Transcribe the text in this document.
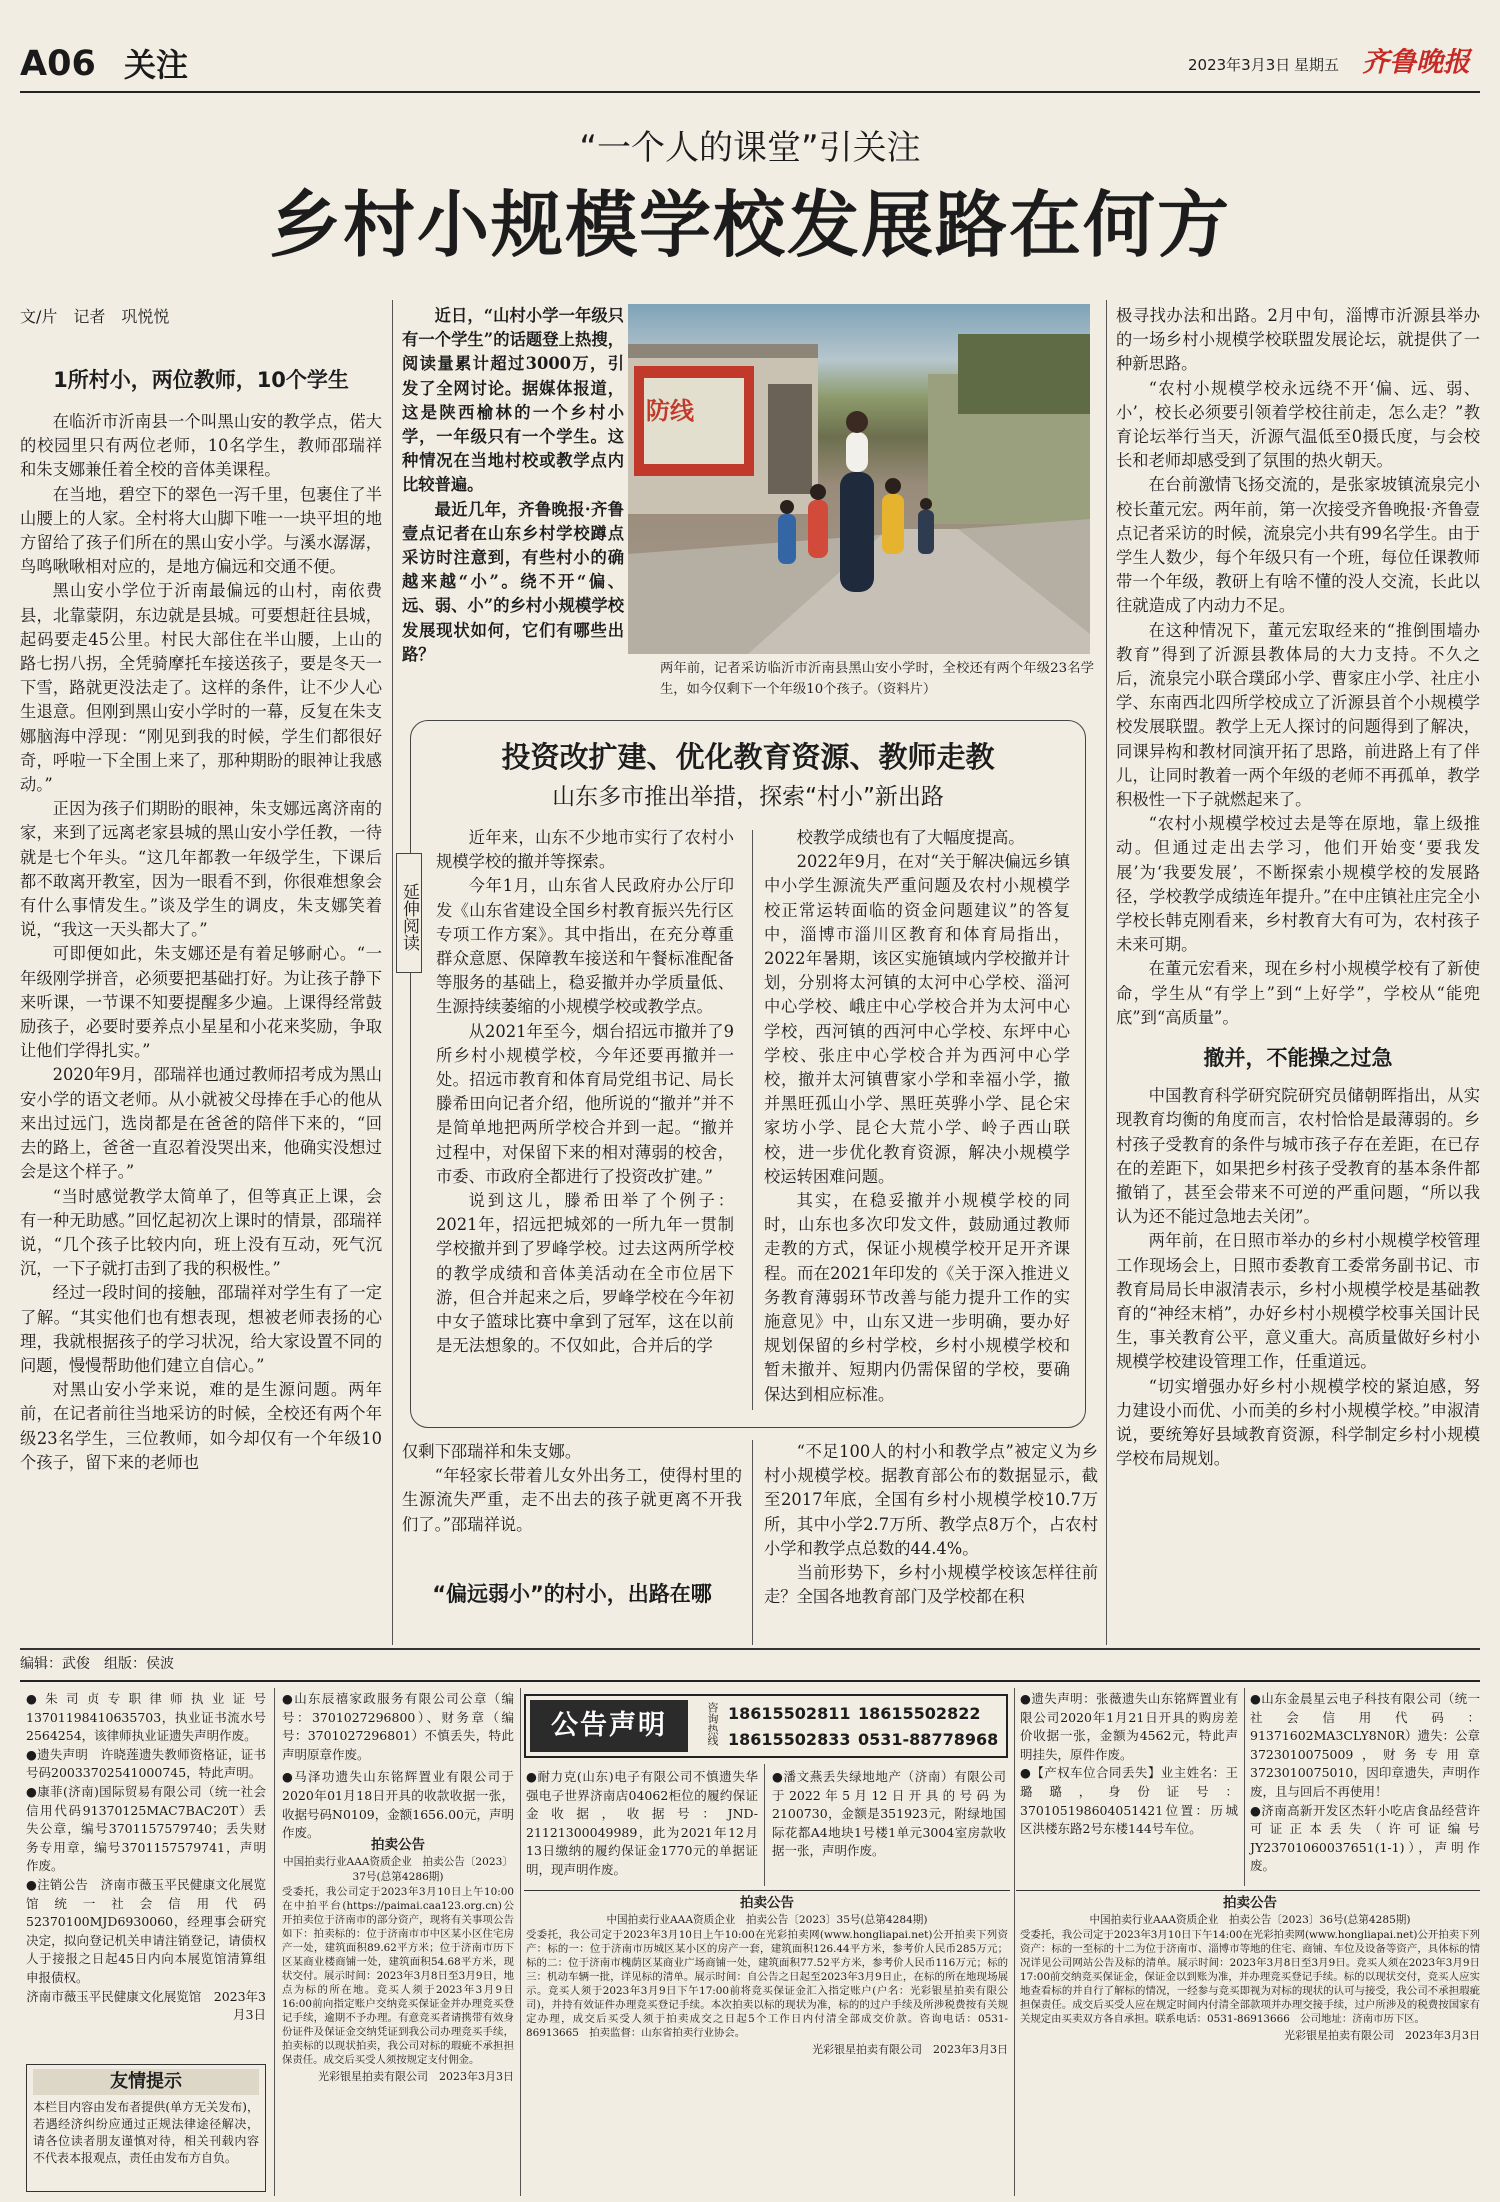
A06 关注	2023年3月3日 星期五 齐鲁晚报
“一个人的课堂”引关注
乡村小规模学校发展路在何方
文/片　记者　巩悦悦

1所村小，两位教师，10个学生

在临沂市沂南县一个叫黑山安的教学点，偌大的校园里只有两位老师，10名学生，教师邵瑞祥和朱支娜兼任着全校的音体美课程。

在当地，碧空下的翠色一泻千里，包裹住了半山腰上的人家。全村将大山脚下唯一一块平坦的地方留给了孩子们所在的黑山安小学。与溪水潺潺，鸟鸣啾啾相对应的，是地方偏远和交通不便。

黑山安小学位于沂南最偏远的山村，南依费县，北靠蒙阴，东边就是县城。可要想赶往县城，起码要走45公里。村民大部住在半山腰，上山的路七拐八拐，全凭骑摩托车接送孩子，要是冬天一下雪，路就更没法走了。这样的条件，让不少人心生退意。但刚到黑山安小学时的一幕，反复在朱支娜脑海中浮现：“刚见到我的时候，学生们都很好奇，呼啦一下全围上来了，那种期盼的眼神让我感动。”

正因为孩子们期盼的眼神，朱支娜远离济南的家，来到了远离老家县城的黑山安小学任教，一待就是七个年头。“这几年都教一年级学生，下课后都不敢离开教室，因为一眼看不到，你很难想象会有什么事情发生。”谈及学生的调皮，朱支娜笑着说，“我这一天头都大了。”

可即便如此，朱支娜还是有着足够耐心。“一年级刚学拼音，必须要把基础打好。为让孩子静下来听课，一节课不知要提醒多少遍。上课得经常鼓励孩子，必要时要养点小星星和小花来奖励，争取让他们学得扎实。”

2020年9月，邵瑞祥也通过教师招考成为黑山安小学的语文老师。从小就被父母捧在手心的他从来出过远门，选岗都是在爸爸的陪伴下来的，“回去的路上，爸爸一直忍着没哭出来，他确实没想过会是这个样子。”

“当时感觉教学太简单了，但等真正上课，会有一种无助感。”回忆起初次上课时的情景，邵瑞祥说，“几个孩子比较内向，班上没有互动，死气沉沉，一下子就打击到了我的积极性。”

经过一段时间的接触，邵瑞祥对学生有了一定了解。“其实他们也有想表现，想被老师表扬的心理，我就根据孩子的学习状况，给大家设置不同的问题，慢慢帮助他们建立自信心。”

对黑山安小学来说，难的是生源问题。两年前，在记者前往当地采访的时候，全校还有两个年级23名学生，三位教师，如今却仅有一个年级10个孩子，留下来的老师也

近日，“山村小学一年级只有一个学生”的话题登上热搜，阅读量累计超过3000万，引发了全网讨论。据媒体报道，这是陕西榆林的一个乡村小学，一年级只有一个学生。这种情况在当地村校或教学点内比较普遍。

最近几年，齐鲁晚报·齐鲁壹点记者在山东乡村学校蹲点采访时注意到，有些村小的确越来越“小”。绕不开“偏、远、弱、小”的乡村小规模学校发展现状如何，它们有哪些出路？

防线
两年前，记者采访临沂市沂南县黑山安小学时，全校还有两个年级23名学生，如今仅剩下一个年级10个孩子。（资料片）
延伸阅读
投资改扩建、优化教育资源、教师走教
山东多市推出举措，探索“村小”新出路

近年来，山东不少地市实行了农村小规模学校的撤并等探索。

今年1月，山东省人民政府办公厅印发《山东省建设全国乡村教育振兴先行区专项工作方案》。其中指出，在充分尊重群众意愿、保障教车接送和午餐标准配备等服务的基础上，稳妥撤并办学质量低、生源持续萎缩的小规模学校或教学点。

从2021年至今，烟台招远市撤并了9所乡村小规模学校，今年还要再撤并一处。招远市教育和体育局党组书记、局长滕希田向记者介绍，他所说的“撤并”并不是简单地把两所学校合并到一起。“撤并过程中，对保留下来的相对薄弱的校舍，市委、市政府全都进行了投资改扩建。”

说到这儿，滕希田举了个例子：2021年，招远把城郊的一所九年一贯制学校撤并到了罗峰学校。过去这两所学校的教学成绩和音体美活动在全市位居下游，但合并起来之后，罗峰学校在今年初中女子篮球比赛中拿到了冠军，这在以前是无法想象的。不仅如此，合并后的学

校教学成绩也有了大幅度提高。

2022年9月，在对“关于解决偏远乡镇中小学生源流失严重问题及农村小规模学校正常运转面临的资金问题建议”的答复中，淄博市淄川区教育和体育局指出，2022年暑期，该区实施镇域内学校撤并计划，分别将太河镇的太河中心学校、淄河中心学校、峨庄中心学校合并为太河中心学校，西河镇的西河中心学校、东坪中心学校、张庄中心学校合并为西河中心学校，撤并太河镇曹家小学和幸福小学，撤并黑旺孤山小学、黑旺英骅小学、昆仑宋家坊小学、昆仑大荒小学、岭子西山联校，进一步优化教育资源，解决小规模学校运转困难问题。

其实，在稳妥撤并小规模学校的同时，山东也多次印发文件，鼓励通过教师走教的方式，保证小规模学校开足开齐课程。而在2021年印发的《关于深入推进义务教育薄弱环节改善与能力提升工作的实施意见》中，山东又进一步明确，要办好规划保留的乡村学校，乡村小规模学校和暂未撤并、短期内仍需保留的学校，要确保达到相应标准。

仅剩下邵瑞祥和朱支娜。

“年轻家长带着儿女外出务工，使得村里的生源流失严重，走不出去的孩子就更离不开我们了。”邵瑞祥说。

“偏远弱小”的村小，出路在哪

“不足100人的村小和教学点”被定义为乡村小规模学校。据教育部公布的数据显示，截至2017年底，全国有乡村小规模学校10.7万所，其中小学2.7万所、教学点8万个，占农村小学和教学点总数的44.4%。

当前形势下，乡村小规模学校该怎样往前走？全国各地教育部门及学校都在积

极寻找办法和出路。2月中旬，淄博市沂源县举办的一场乡村小规模学校联盟发展论坛，就提供了一种新思路。

“农村小规模学校永远绕不开‘偏、远、弱、小’，校长必须要引领着学校往前走，怎么走？”教育论坛举行当天，沂源气温低至0摄氏度，与会校长和老师却感受到了氛围的热火朝天。

在台前激情飞扬交流的，是张家坡镇流泉完小校长董元宏。两年前，第一次接受齐鲁晚报·齐鲁壹点记者采访的时候，流泉完小共有99名学生。由于学生人数少，每个年级只有一个班，每位任课教师带一个年级，教研上有啥不懂的没人交流，长此以往就造成了内动力不足。

在这种情况下，董元宏取经来的“推倒围墙办教育”得到了沂源县教体局的大力支持。不久之后，流泉完小联合璞邱小学、曹家庄小学、社庄小学、东南西北四所学校成立了沂源县首个小规模学校发展联盟。教学上无人探讨的问题得到了解决，同课异构和教材同演开拓了思路，前进路上有了伴儿，让同时教着一两个年级的老师不再孤单，教学积极性一下子就燃起来了。

“农村小规模学校过去是等在原地，靠上级推动。但通过走出去学习，他们开始变‘要我发展’为‘我要发展’，不断探索小规模学校的发展路径，学校教学成绩连年提升。”在中庄镇社庄完全小学校长韩克刚看来，乡村教育大有可为，农村孩子未来可期。

在董元宏看来，现在乡村小规模学校有了新使命，学生从“有学上”到“上好学”，学校从“能兜底”到“高质量”。

撤并，不能操之过急

中国教育科学研究院研究员储朝晖指出，从实现教育均衡的角度而言，农村恰恰是最薄弱的。乡村孩子受教育的条件与城市孩子存在差距，在已存在的差距下，如果把乡村孩子受教育的基本条件都撤销了，甚至会带来不可逆的严重问题，“所以我认为还不能过急地去关闭”。

两年前，在日照市举办的乡村小规模学校管理工作现场会上，日照市委教育工委常务副书记、市教育局局长申淑清表示，乡村小规模学校是基础教育的“神经末梢”，办好乡村小规模学校事关国计民生，事关教育公平，意义重大。高质量做好乡村小规模学校建设管理工作，任重道远。

“切实增强办好乡村小规模学校的紧迫感，努力建设小而优、小而美的乡村小规模学校。”申淑清说，要统筹好县域教育资源，科学制定乡村小规模学校布局规划。

编辑：武俊　组版：侯波

●朱司贞专职律师执业证号13701198410635703，执业证书流水号2564254，该律师执业证遗失声明作废。

●遗失声明　许晓莲遗失教师资格证，证书号码20033702541000745，特此声明。

●康菲(济南)国际贸易有限公司（统一社会信用代码91370125MAC7BAC20T）丢失公章，编号3701157579740；丢失财务专用章，编号3701157579741，声明作废。

●注销公告　济南市薇玉平民健康文化展览馆统一社会信用代码52370100MJD6930060，经理事会研究决定，拟向登记机关申请注销登记，请债权人于接报之日起45日内向本展览馆清算组申报债权。

济南市薇玉平民健康文化展览馆　2023年3月3日

友情提示
本栏目内容由发布者提供(单方无关发布)，若遇经济纠纷应通过正规法律途径解决，请各位读者朋友谨慎对待，相关刊载内容不代表本报观点，责任由发布方自负。

●山东辰禧家政服务有限公司公章（编号：3701027296800）、财务章（编号：3701027296801）不慎丢失，特此声明原章作废。

●马泽功遗失山东铭辉置业有限公司于2020年01月18日开具的收款收据一张，收据号码N0109，金额1656.00元，声明作废。

拍卖公告
中国拍卖行业AAA资质企业　拍卖公告〔2023〕37号(总第4286期)
受委托，我公司定于2023年3月10日上午10:00在中拍平台(https://paimai.caa123.org.cn)公开拍卖位于济南市的部分资产，现将有关事项公告如下：拍卖标的：位于济南市市中区某小区住宅房产一处，建筑面积89.62平方米；位于济南市历下区某商业楼商铺一处，建筑面积54.68平方米，现状交付。展示时间：2023年3月8日至3月9日，地点为标的所在地。竞买人须于2023年3月9日16:00前向指定账户交纳竞买保证金并办理竞买登记手续，逾期不予办理。有意竞买者请携带有效身份证件及保证金交纳凭证到我公司办理竞买手续，拍卖标的以现状拍卖，我公司对标的瑕疵不承担担保责任。成交后买受人须按规定支付佣金。
光彩银星拍卖有限公司　2023年3月3日
公告声明	咨询热线 18615502811 18615502822
18615502833 0531-88778968

●耐力克(山东)电子有限公司不慎遗失华强电子世界济南店04062柜位的履约保证金收据，收据号：JND-21121300049989，此为2021年12月13日缴纳的履约保证金1770元的单据证明，现声明作废。

●潘文燕丢失绿地地产（济南）有限公司于2022年5月12日开具的号码为2100730，金额是351923元，附绿地国际花都A4地块1号楼1单元3004室房款收据一张，声明作废。

拍卖公告
中国拍卖行业AAA资质企业　拍卖公告〔2023〕35号(总第4284期)
受委托，我公司定于2023年3月10日上午10:00在光彩拍卖网(www.hongliapai.net)公开拍卖下列资产：标的一：位于济南市历城区某小区的房产一套，建筑面积126.44平方米，参考价人民币285万元；标的二：位于济南市槐荫区某商业广场商铺一处，建筑面积77.52平方米，参考价人民币116万元；标的三：机动车辆一批，详见标的清单。展示时间：自公告之日起至2023年3月9日止，在标的所在地现场展示。竞买人须于2023年3月9日下午17:00前将竞买保证金汇入指定账户(户名：光彩银星拍卖有限公司)，并持有效证件办理竞买登记手续。本次拍卖以标的现状为准，标的的过户手续及所涉税费按有关规定办理，成交后买受人须于拍卖成交之日起5个工作日内付清全部成交价款。咨询电话：0531-86913665　拍卖监督：山东省拍卖行业协会。
光彩银星拍卖有限公司　2023年3月3日

●遗失声明：张薇遗失山东铭辉置业有限公司2020年1月21日开具的购房差价收据一张，金额为4562元，特此声明挂失，原件作废。

●【产权车位合同丢失】业主姓名：王璐璐，身份证号：370105198604051421位置：历城区洪楼东路2号东楼144号车位。

●山东金晨星云电子科技有限公司（统一社会信用代码：91371602MA3CLY8N0R）遗失：公章3723010075009，财务专用章3723010075010，因印章遗失，声明作废，且与回后不再使用！

●济南高新开发区杰轩小吃店食品经营许可证正本丢失（许可证编号JY23701060037651(1-1)），声明作废。

拍卖公告
中国拍卖行业AAA资质企业　拍卖公告〔2023〕36号(总第4285期)
受委托，我公司定于2023年3月10日下午14:00在光彩拍卖网(www.hongliapai.net)公开拍卖下列资产：标的一至标的十二为位于济南市、淄博市等地的住宅、商铺、车位及设备等资产，具体标的情况详见公司网站公告及标的清单。展示时间：2023年3月8日至3月9日。竞买人须在2023年3月9日17:00前交纳竞买保证金，保证金以到账为准，并办理竞买登记手续。标的以现状交付，竞买人应实地查看标的并自行了解标的情况，一经参与竞买即视为对标的现状的认可与接受，我公司不承担瑕疵担保责任。成交后买受人应在规定时间内付清全部款项并办理交接手续，过户所涉及的税费按国家有关规定由买卖双方各自承担。联系电话：0531-86913666　公司地址：济南市历下区。
光彩银星拍卖有限公司　2023年3月3日
